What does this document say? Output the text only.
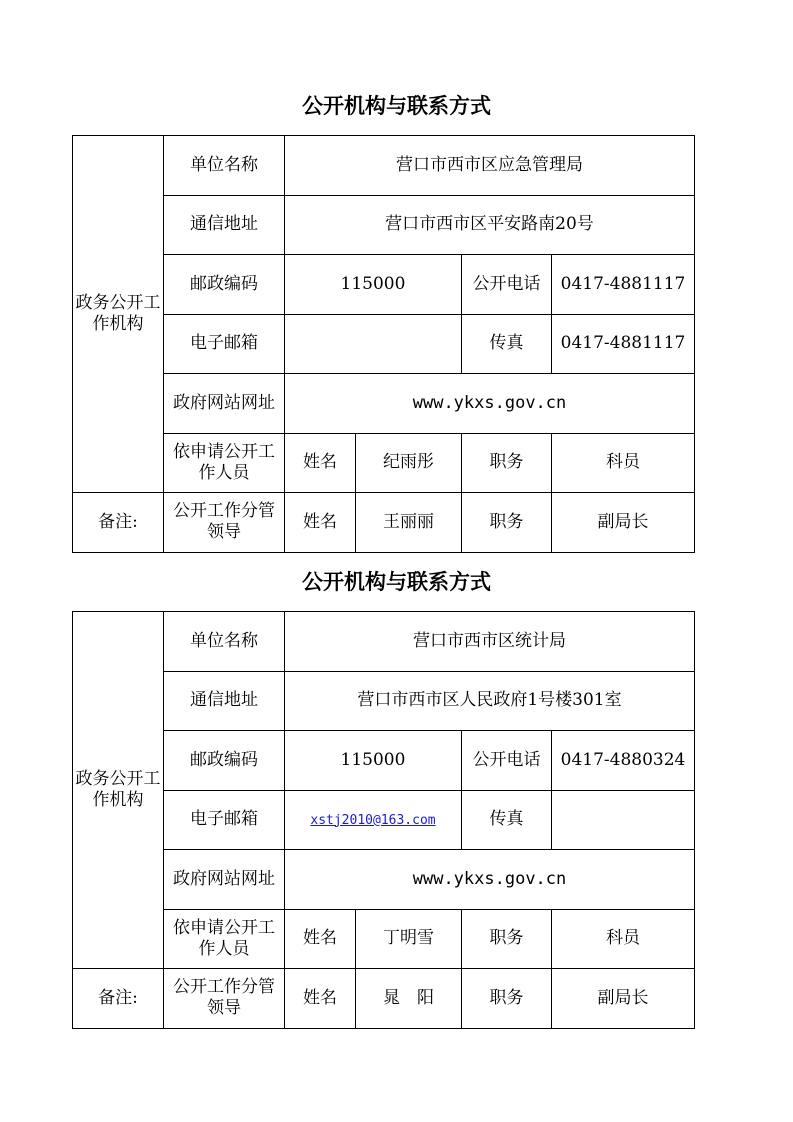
公开机构与联系方式
政务公开工作机构	单位名称	营口市西市区应急管理局			
	通信地址	营口市西市区平安路南20号			
	邮政编码	115000		公开电话	0417-4881117
	电子邮箱			传真	0417-4881117
	政府网站网址	www.ykxs.gov.cn			
	依申请公开工作人员	姓名	纪雨彤	职务	科员
备注:	公开工作分管领导	姓名	王丽丽	职务	副局长
公开机构与联系方式
政务公开工作机构	单位名称	营口市西市区统计局			
	通信地址	营口市西市区人民政府1号楼301室			
	邮政编码	115000		公开电话	0417-4880324
	电子邮箱	xstj2010@163.com		传真	
	政府网站网址	www.ykxs.gov.cn			
	依申请公开工作人员	姓名	丁明雪	职务	科员
备注:	公开工作分管领导	姓名	晁　阳	职务	副局长
